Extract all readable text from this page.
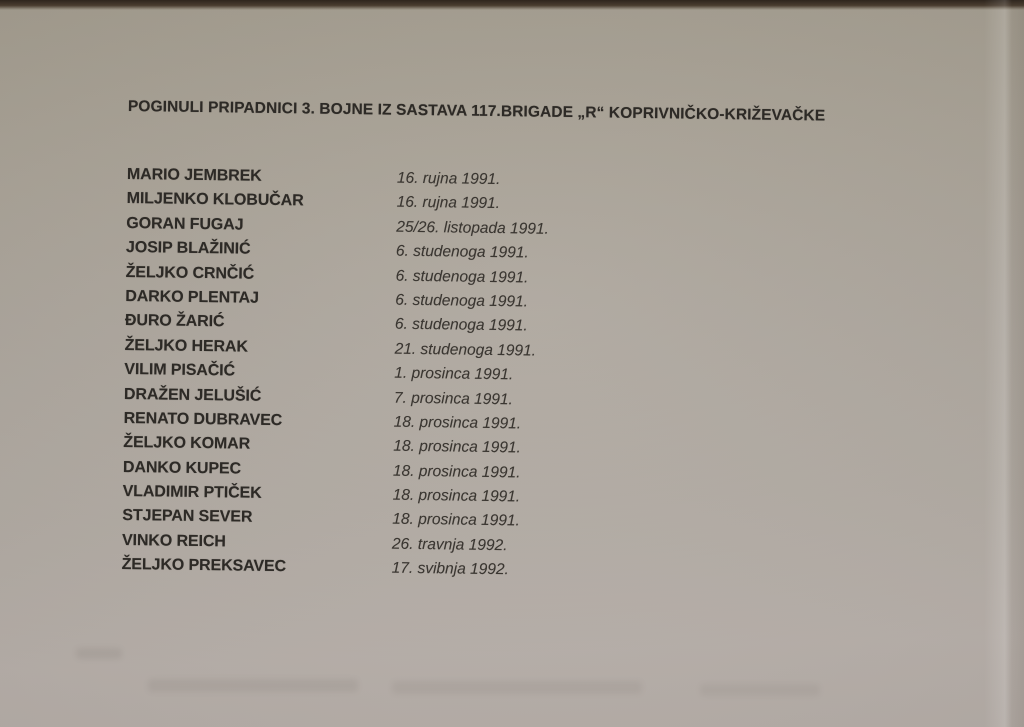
POGINULI PRIPADNICI 3. BOJNE IZ SASTAVA 117.BRIGADE „R“ KOPRIVNIČKO-KRIŽEVAČKE
MARIO JEMBREK	16. rujna 1991.
MILJENKO KLOBUČAR	16. rujna 1991.
GORAN FUGAJ	25/26. listopada 1991.
JOSIP BLAŽINIĆ	6. studenoga 1991.
ŽELJKO CRNČIĆ	6. studenoga 1991.
DARKO PLENTAJ	6. studenoga 1991.
ĐURO ŽARIĆ	6. studenoga 1991.
ŽELJKO HERAK	21. studenoga 1991.
VILIM PISAČIĆ	1. prosinca 1991.
DRAŽEN JELUŠIĆ	7. prosinca 1991.
RENATO DUBRAVEC	18. prosinca 1991.
ŽELJKO KOMAR	18. prosinca 1991.
DANKO KUPEC	18. prosinca 1991.
VLADIMIR PTIČEK	18. prosinca 1991.
STJEPAN SEVER	18. prosinca 1991.
VINKO REICH	26. travnja 1992.
ŽELJKO PREKSAVEC	17. svibnja 1992.
